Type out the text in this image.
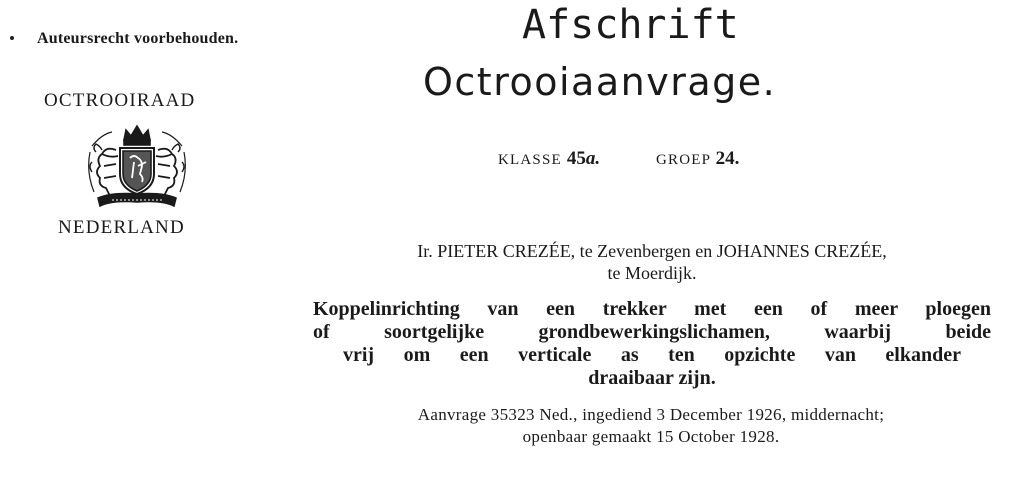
Auteursrecht voorbehouden.
OCTROOIRAAD
NEDERLAND
Afschrift
Octrooiaanvrage.
KLASSE 45a.	GROEP 24.
Ir. PIETER CREZÉE, te Zevenbergen en JOHANNES CREZÉE,
te Moerdijk.
Koppelinrichting van een trekker met een of meer ploegen
of soortgelijke grondbewerkingslichamen, waarbij beide
vrij om een verticale as ten opzichte van elkander
draaibaar zijn.
Aanvrage 35323 Ned., ingediend 3 December 1926, middernacht;
openbaar gemaakt 15 October 1928.
